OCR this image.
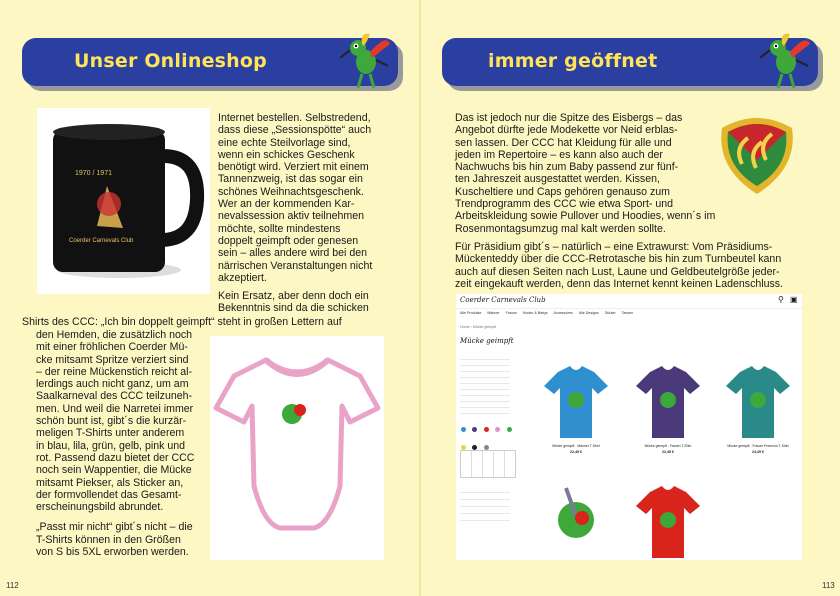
Unser Onlineshop
1970 / 1971
Coerder Carnevals Club

Internet bestellen. Selbstredend,

dass diese „Sessionspötte“ auch

eine echte Steilvorlage sind,

wenn ein schickes Geschenk

benötigt wird. Verziert mit einem

Tannenzweig, ist das sogar ein

schönes Weihnachtsgeschenk.

Wer an der kommenden Kar-

nevalssession aktiv teilnehmen

möchte, sollte mindestens

doppelt geimpft oder genesen

sein – alles andere wird bei den

närrischen Veranstaltungen nicht

akzeptiert.

Kein Ersatz, aber denn doch ein

Bekenntnis sind da die schicken

Shirts des CCC: „Ich bin doppelt geimpft“ steht in großen Lettern auf

den Hemden, die zusätzlich noch

mit einer fröhlichen Coerder Mü-

cke mitsamt Spritze verziert sind

– der reine Mückenstich reicht al-

lerdings auch nicht ganz, um am

Saalkarneval des CCC teilzuneh-

men. Und weil die Narretei immer

schön bunt ist, gibt´s die kurzär-

meligen T-Shirts unter anderem

in blau, lila, grün, gelb, pink und

rot. Passend dazu bietet der CCC

noch sein Wappentier, die Mücke

mitsamt Piekser, als Sticker an,

der formvollendet das Gesamt-

erscheinungsbild abrundet.

„Passt mir nicht“ gibt´s nicht – die

T-Shirts können in den Größen

von S bis 5XL erworben werden.

112
immer geöffnet

Das ist jedoch nur die Spitze des Eisbergs – das

Angebot dürfte jede Modekette vor Neid erblas-

sen lassen. Der CCC hat Kleidung für alle und

jeden im Repertoire – es kann also auch der

Nachwuchs bis hin zum Baby passend zur fünf-

ten Jahreszeit ausgestattet werden. Kissen,

Kuscheltiere und Caps gehören genauso zum

Trendprogramm des CCC wie etwa Sport- und

Arbeitskleidung sowie Pullover und Hoodies, wenn´s im

Rosenmontagsumzug mal kalt werden sollte.

Für Präsidium gibt´s – natürlich – eine Extrawurst: Vom Präsidiums-

Mückenteddy über die CCC-Retrotasche bis hin zum Turnbeutel kann

auch auf diesen Seiten nach Lust, Laune und Geldbeutelgröße jeder-

zeit eingekauft werden, denn das Internet kennt keinen Ladenschluss.

Coerder Carnevals Club	⚲ ▣
Alle Produkte Männer Frauen Kinder & Babys Accessoires Alle Designs Sticker Tassen
Home › Mücke geimpft
Mücke geimpft

Mücke geimpft - Männer T-Shirt
22,49 €
Mücke geimpft - Frauen T-Shirt
22,49 €
Mücke geimpft - Frauen Premium T-Shirt
24,49 €
113
